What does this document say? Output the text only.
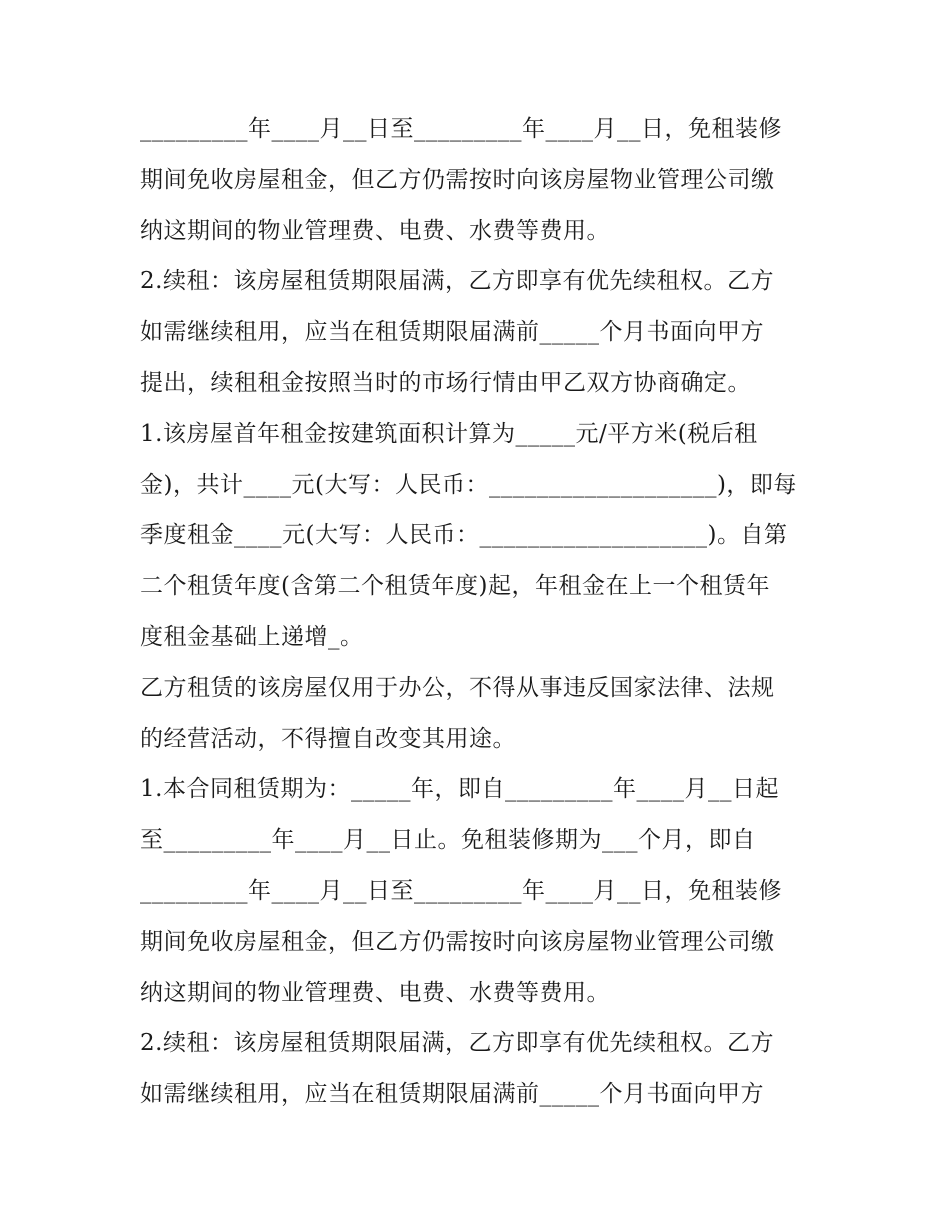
_________年____月__日至_________年____月__日，免租装修
期间免收房屋租金，但乙方仍需按时向该房屋物业管理公司缴
纳这期间的物业管理费、电费、水费等费用。
2.续租：该房屋租赁期限届满，乙方即享有优先续租权。乙方
如需继续租用，应当在租赁期限届满前_____个月书面向甲方
提出，续租租金按照当时的市场行情由甲乙双方协商确定。
1.该房屋首年租金按建筑面积计算为_____元/平方米(税后租
金)，共计____元(大写：人民币：___________________)，即每
季度租金____元(大写：人民币：___________________)。自第
二个租赁年度(含第二个租赁年度)起，年租金在上一个租赁年
度租金基础上递增_。
乙方租赁的该房屋仅用于办公，不得从事违反国家法律、法规
的经营活动，不得擅自改变其用途。
1.本合同租赁期为：_____年，即自_________年____月__日起
至_________年____月__日止。免租装修期为___个月，即自
_________年____月__日至_________年____月__日，免租装修
期间免收房屋租金，但乙方仍需按时向该房屋物业管理公司缴
纳这期间的物业管理费、电费、水费等费用。
2.续租：该房屋租赁期限届满，乙方即享有优先续租权。乙方
如需继续租用，应当在租赁期限届满前_____个月书面向甲方
